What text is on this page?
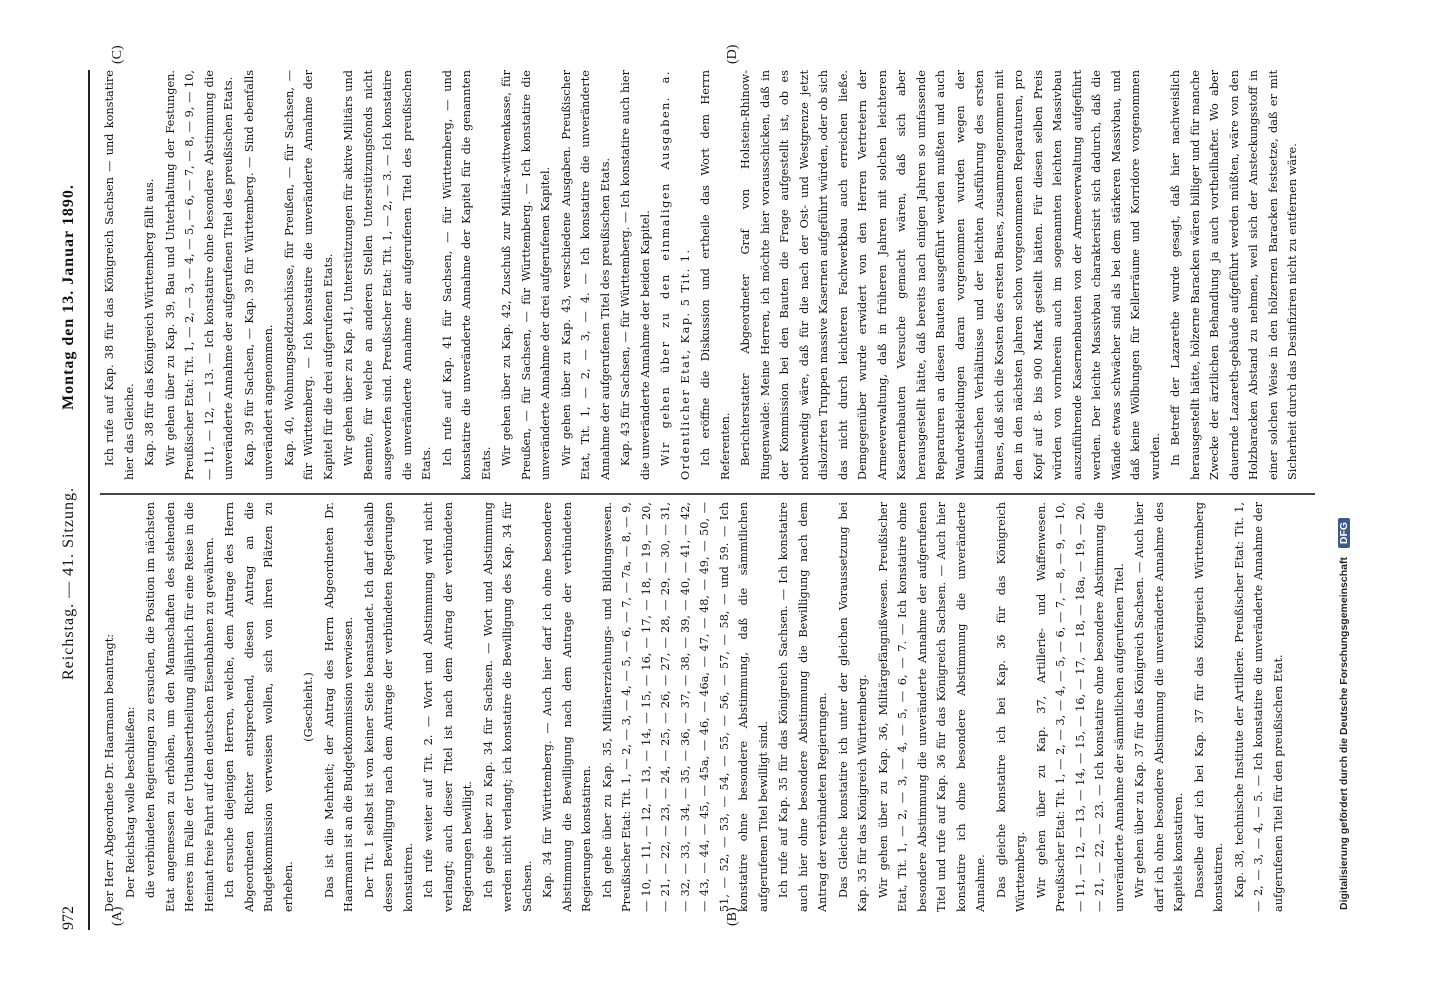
972
Reichstag. — 41. Sitzung.
Montag den 13. Januar 1890.
(A)	(B)
(C)	(D)

Der Herr Abgeordnete Dr. Haarmann beantragt: Der Reichstag wolle beschließen: die verbündeten Regierungen zu ersuchen, die Position im nächsten Etat angemessen zu erhöhen, um den Mannschaften des stehenden Heeres im Falle der Urlaubsertheilung alljährlich für eine Reise in die Heimat freie Fahrt auf den deutschen Eisenbahnen zu gewähren. Ich ersuche diejenigen Herren, welche, dem Antrage des Herrn Abgeordneten Richter entsprechend, diesen Antrag an die Budgetkommission verweisen wollen, sich von ihren Plätzen zu erheben.

(Geschieht.) Das ist die Mehrheit; der Antrag des Herrn Abgeordneten Dr. Haarmann ist an die Budgetkommission verwiesen. Der Tit. 1 selbst ist von keiner Seite beanstandet. Ich darf deshalb dessen Bewilligung nach dem Antrage der verbündeten Regierungen konstatiren. Ich rufe weiter auf Tit. 2. — Wort und Abstimmung wird nicht verlangt; auch dieser Titel ist nach dem Antrag der verbündeten Regierungen bewilligt. Ich gehe über zu Kap. 34 für Sachsen. — Wort und Abstimmung werden nicht verlangt; ich konstatire die Bewilligung des Kap. 34 für Sachsen. Kap. 34 für Württemberg. — Auch hier darf ich ohne besondere Abstimmung die Bewilligung nach dem Antrage der verbündeten Regierungen konstatiren. Ich gehe über zu Kap. 35, Militärerziehungs- und Bildungswesen. Preußischer Etat: Tit. 1, — 2, — 3, — 4, — 5, — 6, — 7, — 7a, — 8, — 9, — 10, — 11, — 12, — 13, — 14, — 15, — 16, — 17, — 18, — 19, — 20, — 21, — 22, — 23, — 24, — 25, — 26, — 27, — 28, — 29, — 30, — 31, — 32, — 33, — 34, — 35, — 36, — 37, — 38, — 39, — 40, — 41, — 42, — 43, — 44, — 45, — 45a, — 46, — 46a, — 47, — 48, — 49, — 50, — 51, — 52, — 53, — 54, — 55, — 56, — 57, — 58, — und 59. — Ich konstatire ohne besondere Abstimmung, daß die sämmtlichen aufgerufenen Titel bewilligt sind. Ich rufe auf Kap. 35 für das Königreich Sachsen. — Ich konstatire auch hier ohne besondere Abstimmung die Bewilligung nach dem Antrag der verbündeten Regierungen. Das Gleiche konstatire ich unter der gleichen Voraussetzung bei Kap. 35 für das Königreich Württemberg. Wir gehen über zu Kap. 36, Militärgefängnißwesen. Preußischer Etat, Tit. 1, — 2, — 3, — 4, — 5, — 6, — 7. — Ich konstatire ohne besondere Abstimmung die unveränderte Annahme der aufgerufenen Titel und rufe auf Kap. 36 für das Königreich Sachsen. — Auch hier konstatire ich ohne besondere Abstimmung die unveränderte Annahme. Das gleiche konstatire ich bei Kap. 36 für das Königreich Württemberg. Wir gehen über zu Kap. 37, Artillerie- und Waffenwesen. Preußischer Etat: Tit. 1, — 2, — 3, — 4, — 5, — 6, — 7, — 8, — 9, — 10, — 11, — 12, — 13, — 14, — 15, — 16, — 17, — 18, — 18a, — 19, — 20, — 21, — 22, — 23. — Ich konstatire ohne besondere Abstimmung die unveränderte Annahme der sämmtlichen aufgerufenen Titel. Wir gehen über zu Kap. 37 für das Königreich Sachsen. — Auch hier darf ich ohne besondere Abstimmung die unveränderte Annahme des Kapitels konstatiren. Dasselbe darf ich bei Kap. 37 für das Königreich Württemberg konstatiren. Kap. 38, technische Institute der Artillerie. Preußischer Etat: Tit. 1, — 2, — 3, — 4, — 5. — Ich konstatire die unveränderte Annahme der aufgerufenen Titel für den preußischen Etat.

Ich rufe auf Kap. 38 für das Königreich Sachsen — und konstatire hier das Gleiche. Kap. 38 für das Königreich Württemberg fällt aus. Wir gehen über zu Kap. 39, Bau und Unterhaltung der Festungen. Preußischer Etat: Tit. 1, — 2, — 3, — 4, — 5, — 6, — 7, — 8, — 9, — 10, — 11, — 12, — 13. — Ich konstatire ohne besondere Abstimmung die unveränderte Annahme der aufgerufenen Titel des preußischen Etats. Kap. 39 für Sachsen, — Kap. 39 für Württemberg. — Sind ebenfalls unverändert angenommen. Kap. 40, Wohnungsgeldzuschüsse, für Preußen, — für Sachsen, — für Württemberg. — Ich konstatire die unveränderte Annahme der Kapitel für die drei aufgerufenen Etats. Wir gehen über zu Kap. 41, Unterstützungen für aktive Militärs und Beamte, für welche an anderen Stellen Unterstützungsfonds nicht ausgeworfen sind. Preußischer Etat: Tit. 1, — 2, — 3. — Ich konstatire die unveränderte Annahme der aufgerufenen Titel des preußischen Etats. Ich rufe auf Kap. 41 für Sachsen, — für Württemberg, — und konstatire die unveränderte Annahme der Kapitel für die genannten Etats. Wir gehen über zu Kap. 42, Zuschuß zur Militär-wittwenkasse, für Preußen, — für Sachsen, — für Württemberg. — Ich konstatire die unveränderte Annahme der drei aufgerufenen Kapitel. Wir gehen über zu Kap. 43, verschiedene Ausgaben. Preußischer Etat, Tit. 1, — 2, — 3, — 4. — Ich konstatire die unveränderte Annahme der aufgerufenen Titel des preußischen Etats. Kap. 43 für Sachsen, — für Württemberg. — Ich konstatire auch hier die unveränderte Annahme der beiden Kapitel. Wir gehen über zu den einmaligen Ausgaben. a. Ordentlicher Etat, Kap. 5 Tit. 1. Ich eröffne die Diskussion und ertheile das Wort dem Herrn Referenten. Berichterstatter Abgeordneter Graf von Holstein-Rhinow-Ringenwalde: Meine Herren, ich möchte hier vorausschicken, daß in der Kommission bei den Bauten die Frage aufgestellt ist, ob es nothwendig wäre, daß für die nach der Ost- und Westgrenze jetzt dislozirten Truppen massive Kasernen aufgeführt würden, oder ob sich das nicht durch leichteren Fachwerkbau auch erreichen ließe. Demgegenüber wurde erwidert von den Herren Vertretern der Armeeverwaltung, daß in früheren Jahren mit solchen leichteren Kasernenbauten Versuche gemacht wären, daß sich aber herausgestellt hätte, daß bereits nach einigen Jahren so umfassende Reparaturen an diesen Bauten ausgeführt werden mußten und auch Wandverkleidungen daran vorgenommen wurden wegen der klimatischen Verhältnisse und der leichten Ausführung des ersten Baues, daß sich die Kosten des ersten Baues, zusammengenommen mit den in den nächsten Jahren schon vorgenommenen Reparaturen, pro Kopf auf 8- bis 900 Mark gestellt hätten. Für diesen selben Preis würden von vornherein auch im sogenannten leichten Massivbau auszuführende Kasernenbauten von der Armeeverwaltung aufgeführt werden. Der leichte Massivbau charakterisirt sich dadurch, daß die Wände etwas schwächer sind als bei dem stärkeren Massivbau, und daß keine Wölbungen für Kellerräume und Korridore vorgenommen wurden. In Betreff der Lazarethe wurde gesagt, daß hier nachweislich herausgestellt hätte, hölzerne Baracken wären billiger und für manche Zwecke der ärztlichen Behandlung ja auch vortheilhafter. Wo aber dauernde Lazareth-gebäude aufgeführt werden müßten, wäre von den Holzbaracken Abstand zu nehmen, weil sich der Ansteckungsstoff in einer solchen Weise in den hölzernen Baracken festsetze, daß er mit Sicherheit durch das Desinfiziren nicht zu entfernen wäre.

Digitalisierung gefördert durch die Deutsche Forschungsgemeinschaft DFG
